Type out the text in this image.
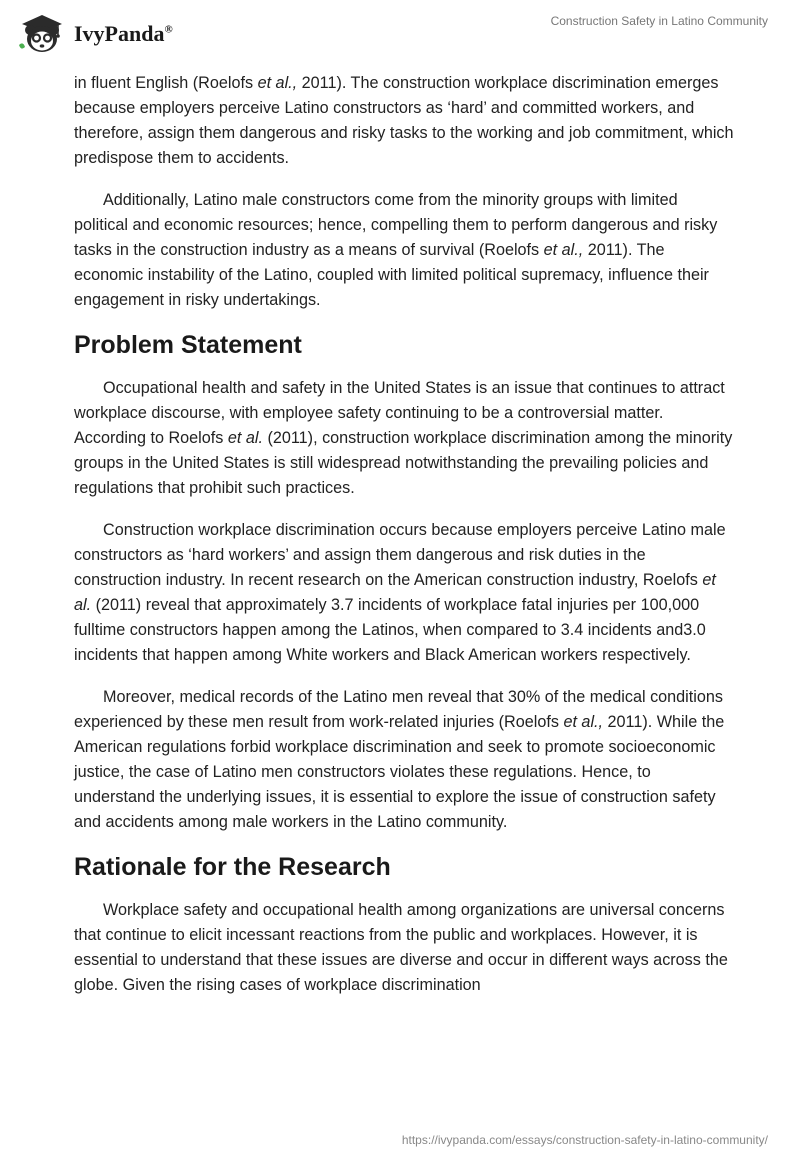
IvyPanda®
Construction Safety in Latino Community

in fluent English (Roelofs et al., 2011). The construction workplace discrimination emerges because employers perceive Latino constructors as ‘hard’ and committed workers, and therefore, assign them dangerous and risky tasks to the working and job commitment, which predispose them to accidents.

Additionally, Latino male constructors come from the minority groups with limited political and economic resources; hence, compelling them to perform dangerous and risky tasks in the construction industry as a means of survival (Roelofs et al., 2011). The economic instability of the Latino, coupled with limited political supremacy, influence their engagement in risky undertakings.

Problem Statement

Occupational health and safety in the United States is an issue that continues to attract workplace discourse, with employee safety continuing to be a controversial matter. According to Roelofs et al. (2011), construction workplace discrimination among the minority groups in the United States is still widespread notwithstanding the prevailing policies and regulations that prohibit such practices.

Construction workplace discrimination occurs because employers perceive Latino male constructors as ‘hard workers’ and assign them dangerous and risk duties in the construction industry. In recent research on the American construction industry, Roelofs et al. (2011) reveal that approximately 3.7 incidents of workplace fatal injuries per 100,000 fulltime constructors happen among the Latinos, when compared to 3.4 incidents and3.0 incidents that happen among White workers and Black American workers respectively.

Moreover, medical records of the Latino men reveal that 30% of the medical conditions experienced by these men result from work-related injuries (Roelofs et al., 2011). While the American regulations forbid workplace discrimination and seek to promote socioeconomic justice, the case of Latino men constructors violates these regulations. Hence, to understand the underlying issues, it is essential to explore the issue of construction safety and accidents among male workers in the Latino community.

Rationale for the Research

Workplace safety and occupational health among organizations are universal concerns that continue to elicit incessant reactions from the public and workplaces. However, it is essential to understand that these issues are diverse and occur in different ways across the globe. Given the rising cases of workplace discrimination

https://ivypanda.com/essays/construction-safety-in-latino-community/
